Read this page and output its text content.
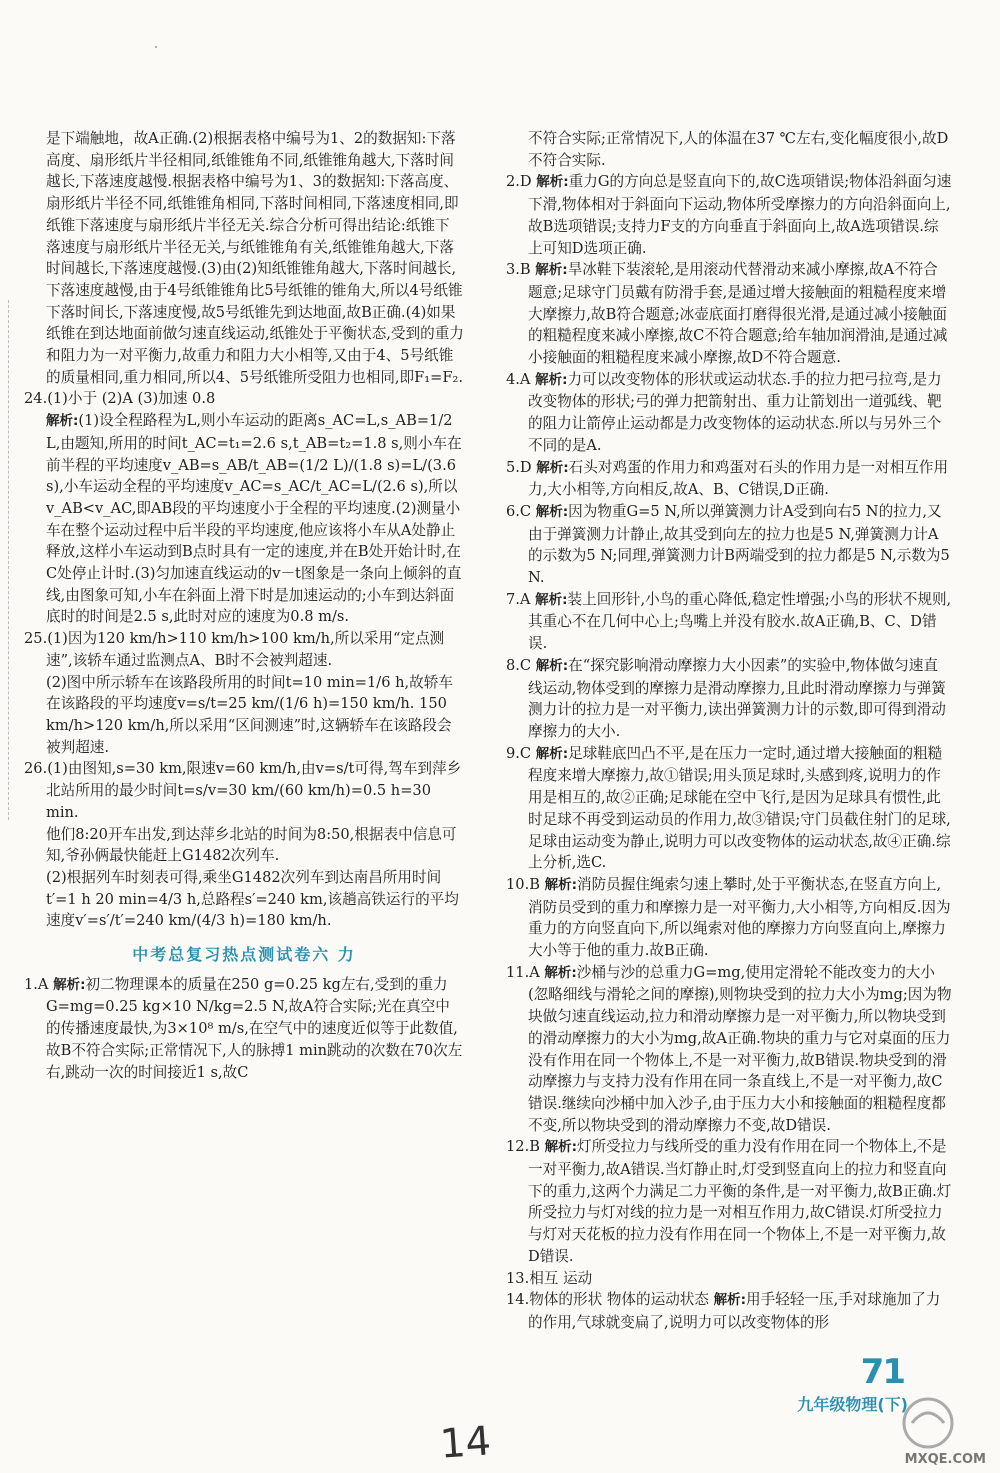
是下端触地，故A正确.(2)根据表格中编号为1、2的数据知:下落高度、扇形纸片半径相同,纸锥锥角不同,纸锥锥角越大,下落时间越长,下落速度越慢.根据表格中编号为1、3的数据知:下落高度、扇形纸片半径不同,纸锥锥角相同,下落时间相同,下落速度相同,即纸锥下落速度与扇形纸片半径无关.综合分析可得出结论:纸锥下落速度与扇形纸片半径无关,与纸锥锥角有关,纸锥锥角越大,下落时间越长,下落速度越慢.(3)由(2)知纸锥锥角越大,下落时间越长,下落速度越慢,由于4号纸锥锥角比5号纸锥的锥角大,所以4号纸锥下落时间长,下落速度慢,故5号纸锥先到达地面,故B正确.(4)如果纸锥在到达地面前做匀速直线运动,纸锥处于平衡状态,受到的重力和阻力为一对平衡力,故重力和阻力大小相等,又由于4、5号纸锥的质量相同,重力相同,所以4、5号纸锥所受阻力也相同,即F₁=F₂.

24.(1)小于 (2)A (3)加速 0.8

解析:(1)设全程路程为L,则小车运动的距离s_AC=L,s_AB=1/2 L,由题知,所用的时间t_AC=t₁=2.6 s,t_AB=t₂=1.8 s,则小车在前半程的平均速度v_AB=s_AB/t_AB=(1/2 L)/(1.8 s)=L/(3.6 s),小车运动全程的平均速度v_AC=s_AC/t_AC=L/(2.6 s),所以v_AB<v_AC,即AB段的平均速度小于全程的平均速度.(2)测量小车在整个运动过程中后半段的平均速度,他应该将小车从A处静止释放,这样小车运动到B点时具有一定的速度,并在B处开始计时,在C处停止计时.(3)匀加速直线运动的v－t图象是一条向上倾斜的直线,由图象可知,小车在斜面上滑下时是加速运动的;小车到达斜面底时的时间是2.5 s,此时对应的速度为0.8 m/s.

25.(1)因为120 km/h>110 km/h>100 km/h,所以采用“定点测速”,该轿车通过监测点A、B时不会被判超速.

(2)图中所示轿车在该路段所用的时间t=10 min=1/6 h,故轿车在该路段的平均速度v=s/t=25 km/(1/6 h)=150 km/h. 150 km/h>120 km/h,所以采用“区间测速”时,这辆轿车在该路段会被判超速.

26.(1)由图知,s=30 km,限速v=60 km/h,由v=s/t可得,驾车到萍乡北站所用的最少时间t=s/v=30 km/(60 km/h)=0.5 h=30 min.

他们8:20开车出发,到达萍乡北站的时间为8:50,根据表中信息可知,爷孙俩最快能赶上G1482次列车.

(2)根据列车时刻表可得,乘坐G1482次列车到达南昌所用时间t′=1 h 20 min=4/3 h,总路程s′=240 km,该趟高铁运行的平均速度v′=s′/t′=240 km/(4/3 h)=180 km/h.

中考总复习热点测试卷六 力

1.A 解析:初二物理课本的质量在250 g=0.25 kg左右,受到的重力G=mg=0.25 kg×10 N/kg=2.5 N,故A符合实际;光在真空中的传播速度最快,为3×10⁸ m/s,在空气中的速度近似等于此数值,故B不符合实际;正常情况下,人的脉搏1 min跳动的次数在70次左右,跳动一次的时间接近1 s,故C

不符合实际;正常情况下,人的体温在37 ℃左右,变化幅度很小,故D不符合实际.

2.D 解析:重力G的方向总是竖直向下的,故C选项错误;物体沿斜面匀速下滑,物体相对于斜面向下运动,物体所受摩擦力的方向沿斜面向上,故B选项错误;支持力F支的方向垂直于斜面向上,故A选项错误.综上可知D选项正确.

3.B 解析:旱冰鞋下装滚轮,是用滚动代替滑动来减小摩擦,故A不符合题意;足球守门员戴有防滑手套,是通过增大接触面的粗糙程度来增大摩擦力,故B符合题意;冰壶底面打磨得很光滑,是通过减小接触面的粗糙程度来减小摩擦,故C不符合题意;给车轴加润滑油,是通过减小接触面的粗糙程度来减小摩擦,故D不符合题意.

4.A 解析:力可以改变物体的形状或运动状态.手的拉力把弓拉弯,是力改变物体的形状;弓的弹力把箭射出、重力让箭划出一道弧线、靶的阻力让箭停止运动都是力改变物体的运动状态.所以与另外三个不同的是A.

5.D 解析:石头对鸡蛋的作用力和鸡蛋对石头的作用力是一对相互作用力,大小相等,方向相反,故A、B、C错误,D正确.

6.C 解析:因为物重G=5 N,所以弹簧测力计A受到向右5 N的拉力,又由于弹簧测力计静止,故其受到向左的拉力也是5 N,弹簧测力计A的示数为5 N;同理,弹簧测力计B两端受到的拉力都是5 N,示数为5 N.

7.A 解析:装上回形针,小鸟的重心降低,稳定性增强;小鸟的形状不规则,其重心不在几何中心上;鸟嘴上并没有胶水.故A正确,B、C、D错误.

8.C 解析:在“探究影响滑动摩擦力大小因素”的实验中,物体做匀速直线运动,物体受到的摩擦力是滑动摩擦力,且此时滑动摩擦力与弹簧测力计的拉力是一对平衡力,读出弹簧测力计的示数,即可得到滑动摩擦力的大小.

9.C 解析:足球鞋底凹凸不平,是在压力一定时,通过增大接触面的粗糙程度来增大摩擦力,故①错误;用头顶足球时,头感到疼,说明力的作用是相互的,故②正确;足球能在空中飞行,是因为足球具有惯性,此时足球不再受到运动员的作用力,故③错误;守门员截住射门的足球,足球由运动变为静止,说明力可以改变物体的运动状态,故④正确.综上分析,选C.

10.B 解析:消防员握住绳索匀速上攀时,处于平衡状态,在竖直方向上,消防员受到的重力和摩擦力是一对平衡力,大小相等,方向相反.因为重力的方向竖直向下,所以绳索对他的摩擦力方向竖直向上,摩擦力大小等于他的重力.故B正确.

11.A 解析:沙桶与沙的总重力G=mg,使用定滑轮不能改变力的大小(忽略细线与滑轮之间的摩擦),则物块受到的拉力大小为mg;因为物块做匀速直线运动,拉力和滑动摩擦力是一对平衡力,所以物块受到的滑动摩擦力的大小为mg,故A正确.物块的重力与它对桌面的压力没有作用在同一个物体上,不是一对平衡力,故B错误.物块受到的滑动摩擦力与支持力没有作用在同一条直线上,不是一对平衡力,故C错误.继续向沙桶中加入沙子,由于压力大小和接触面的粗糙程度都不变,所以物块受到的滑动摩擦力不变,故D错误.

12.B 解析:灯所受拉力与线所受的重力没有作用在同一个物体上,不是一对平衡力,故A错误.当灯静止时,灯受到竖直向上的拉力和竖直向下的重力,这两个力满足二力平衡的条件,是一对平衡力,故B正确.灯所受拉力与灯对线的拉力是一对相互作用力,故C错误.灯所受拉力与灯对天花板的拉力没有作用在同一个物体上,不是一对平衡力,故D错误.

13.相互 运动

14.物体的形状 物体的运动状态 解析:用手轻轻一压,手对球施加了力的作用,气球就变扁了,说明力可以改变物体的形

71
九年级物理(下)
14	MXQE.COM
